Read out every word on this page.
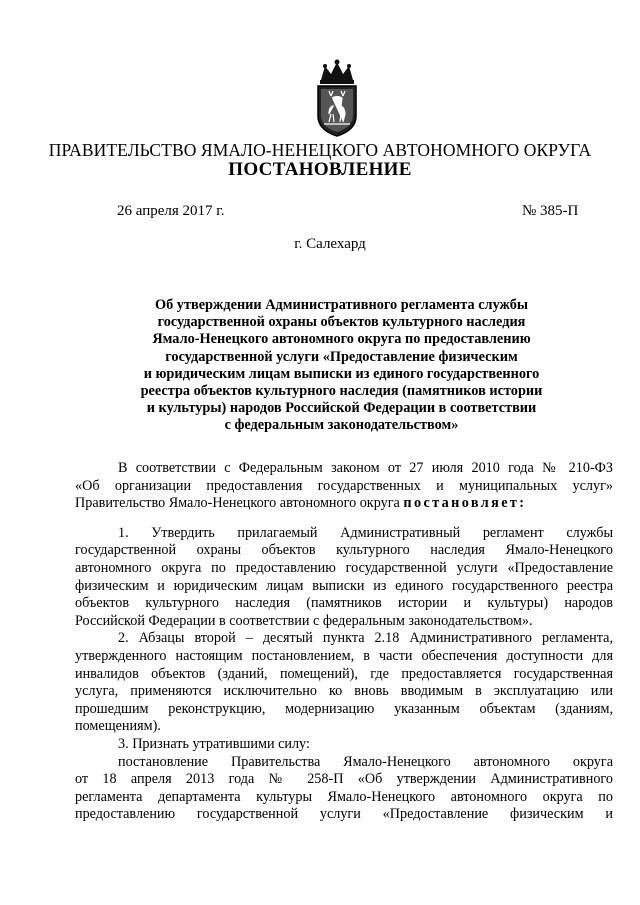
ПРАВИТЕЛЬСТВО ЯМАЛО-НЕНЕЦКОГО АВТОНОМНОГО ОКРУГА
ПОСТАНОВЛЕНИЕ
26 апреля 2017 г.	№ 385-П
г. Салехард
Об утверждении Административного регламента службы
государственной охраны объектов культурного наследия
Ямало-Ненецкого автономного округа по предоставлению
государственной услуги «Предоставление физическим
и юридическим лицам выписки из единого государственного
реестра объектов культурного наследия (памятников истории
и культуры) народов Российской Федерации в соответствии
с федеральным законодательством»
В соответствии с Федеральным законом от 27 июля 2010 года № 210-ФЗ
«Об организации предоставления государственных и муниципальных услуг»
Правительство Ямало-Ненецкого автономного округа постановляет:
1. Утвердить прилагаемый Административный регламент службы
государственной охраны объектов культурного наследия Ямало-Ненецкого
автономного округа по предоставлению государственной услуги «Предоставление
физическим и юридическим лицам выписки из единого государственного реестра
объектов культурного наследия (памятников истории и культуры) народов
Российской Федерации в соответствии с федеральным законодательством».
2. Абзацы второй – десятый пункта 2.18 Административного регламента,
утвержденного настоящим постановлением, в части обеспечения доступности для
инвалидов объектов (зданий, помещений), где предоставляется государственная
услуга, применяются исключительно ко вновь вводимым в эксплуатацию или
прошедшим реконструкцию, модернизацию указанным объектам (зданиям,
помещениям).
3. Признать утратившими силу:
постановление Правительства Ямало-Ненецкого автономного округа
от 18 апреля 2013 года № 258-П «Об утверждении Административного
регламента департамента культуры Ямало-Ненецкого автономного округа по
предоставлению государственной услуги «Предоставление физическим и
